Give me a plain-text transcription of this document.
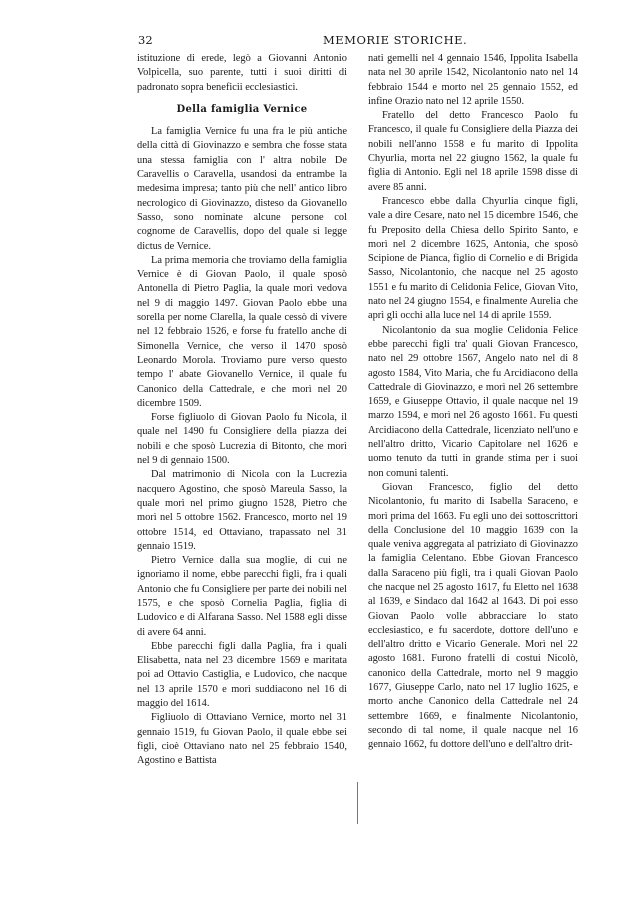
32	MEMORIE STORICHE.

istituzione di erede, legò a Giovanni Antonio Volpicella, suo parente, tutti i suoi diritti di padronato sopra beneficii ecclesiastici.

Della famiglia Vernice

La famiglia Vernice fu una fra le più antiche della città di Giovinazzo e sembra che fosse stata una stessa famiglia con l' altra nobile De Caravellis o Caravella, usandosi da entrambe la medesima impresa; tanto più che nell' antico libro necrologico di Giovinazzo, disteso da Giovanello Sasso, sono nominate alcune persone col cognome de Caravellis, dopo del quale si legge dictus de Vernice.

La prima memoria che troviamo della famiglia Vernice è di Giovan Paolo, il quale sposò Antonella di Pietro Paglia, la quale morì vedova nel 9 di maggio 1497. Giovan Paolo ebbe una sorella per nome Clarella, la quale cessò di vivere nel 12 febbraio 1526, e forse fu fratello anche di Simonella Vernice, che verso il 1470 sposò Leonardo Morola. Troviamo pure verso questo tempo l' abate Giovanello Vernice, il quale fu Canonico della Cattedrale, e che morì nel 20 dicembre 1509.

Forse figliuolo di Giovan Paolo fu Nicola, il quale nel 1490 fu Consigliere della piazza dei nobili e che sposò Lucrezia di Bitonto, che morì nel 9 di gennaio 1500.

Dal matrimonio di Nicola con la Lucrezia nacquero Agostino, che sposò Mareula Sasso, la quale morì nel primo giugno 1528, Pietro che morì nel 5 ottobre 1562. Francesco, morto nel 19 ottobre 1514, ed Ottaviano, trapassato nel 31 gennaio 1519.

Pietro Vernice dalla sua moglie, di cui ne ignoriamo il nome, ebbe parecchi figli, fra i quali Antonio che fu Consigliere per parte dei nobili nel 1575, e che sposò Cornelia Paglia, figlia di Ludovico e di Alfarana Sasso. Nel 1588 egli disse di avere 64 anni.

Ebbe parecchi figli dalla Paglia, fra i quali Elisabetta, nata nel 23 dicembre 1569 e maritata poi ad Ottavio Castiglia, e Ludovico, che nacque nel 13 aprile 1570 e morì suddiacono nel 16 di maggio del 1614.

Figliuolo di Ottaviano Vernice, morto nel 31 gennaio 1519, fu Giovan Paolo, il quale ebbe sei figli, cioè Ottaviano nato nel 25 febbraio 1540, Agostino e Battista

nati gemelli nel 4 gennaio 1546, Ippolita Isabella nata nel 30 aprile 1542, Nicolantonio nato nel 14 febbraio 1544 e morto nel 25 gennaio 1552, ed infine Orazio nato nel 12 aprile 1550.

Fratello del detto Francesco Paolo fu Francesco, il quale fu Consigliere della Piazza dei nobili nell'anno 1558 e fu marito di Ippolita Chyurlia, morta nel 22 giugno 1562, la quale fu figlia di Antonio. Egli nel 18 aprile 1598 disse di avere 85 anni.

Francesco ebbe dalla Chyurlia cinque figli, vale a dire Cesare, nato nel 15 dicembre 1546, che fu Preposito della Chiesa dello Spirito Santo, e morì nel 2 dicembre 1625, Antonia, che sposò Scipione de Pianca, figlio di Cornelio e di Brigida Sasso, Nicolantonio, che nacque nel 25 agosto 1551 e fu marito di Celidonia Felice, Giovan Vito, nato nel 24 giugno 1554, e finalmente Aurelia che aprì gli occhi alla luce nel 14 di aprile 1559.

Nicolantonio da sua moglie Celidonia Felice ebbe parecchi figli tra' quali Giovan Francesco, nato nel 29 ottobre 1567, Angelo nato nel di 8 agosto 1584, Vito Maria, che fu Arcidiacono della Cattedrale di Giovinazzo, e morì nel 26 settembre 1659, e Giuseppe Ottavio, il quale nacque nel 19 marzo 1594, e morì nel 26 agosto 1661. Fu questi Arcidiacono della Cattedrale, licenziato nell'uno e nell'altro dritto, Vicario Capitolare nel 1626 e uomo tenuto da tutti in grande stima per i suoi non comuni talenti.

Giovan Francesco, figlio del detto Nicolantonio, fu marito di Isabella Saraceno, e morì prima del 1663. Fu egli uno dei sottoscrittori della Conclusione del 10 maggio 1639 con la quale veniva aggregata al patriziato di Giovinazzo la famiglia Celentano. Ebbe Giovan Francesco dalla Saraceno più figli, tra i quali Giovan Paolo che nacque nel 25 agosto 1617, fu Eletto nel 1638 al 1639, e Sindaco dal 1642 al 1643. Di poi esso Giovan Paolo volle abbracciare lo stato ecclesiastico, e fu sacerdote, dottore dell'uno e dell'altro dritto e Vicario Generale. Morì nel 22 agosto 1681. Furono fratelli di costui Nicolò, canonico della Cattedrale, morto nel 9 maggio 1677, Giuseppe Carlo, nato nel 17 luglio 1625, e morto anche Canonico della Cattedrale nel 24 settembre 1669, e finalmente Nicolantonio, secondo di tal nome, il quale nacque nel 16 gennaio 1662, fu dottore dell'uno e dell'altro drit-
